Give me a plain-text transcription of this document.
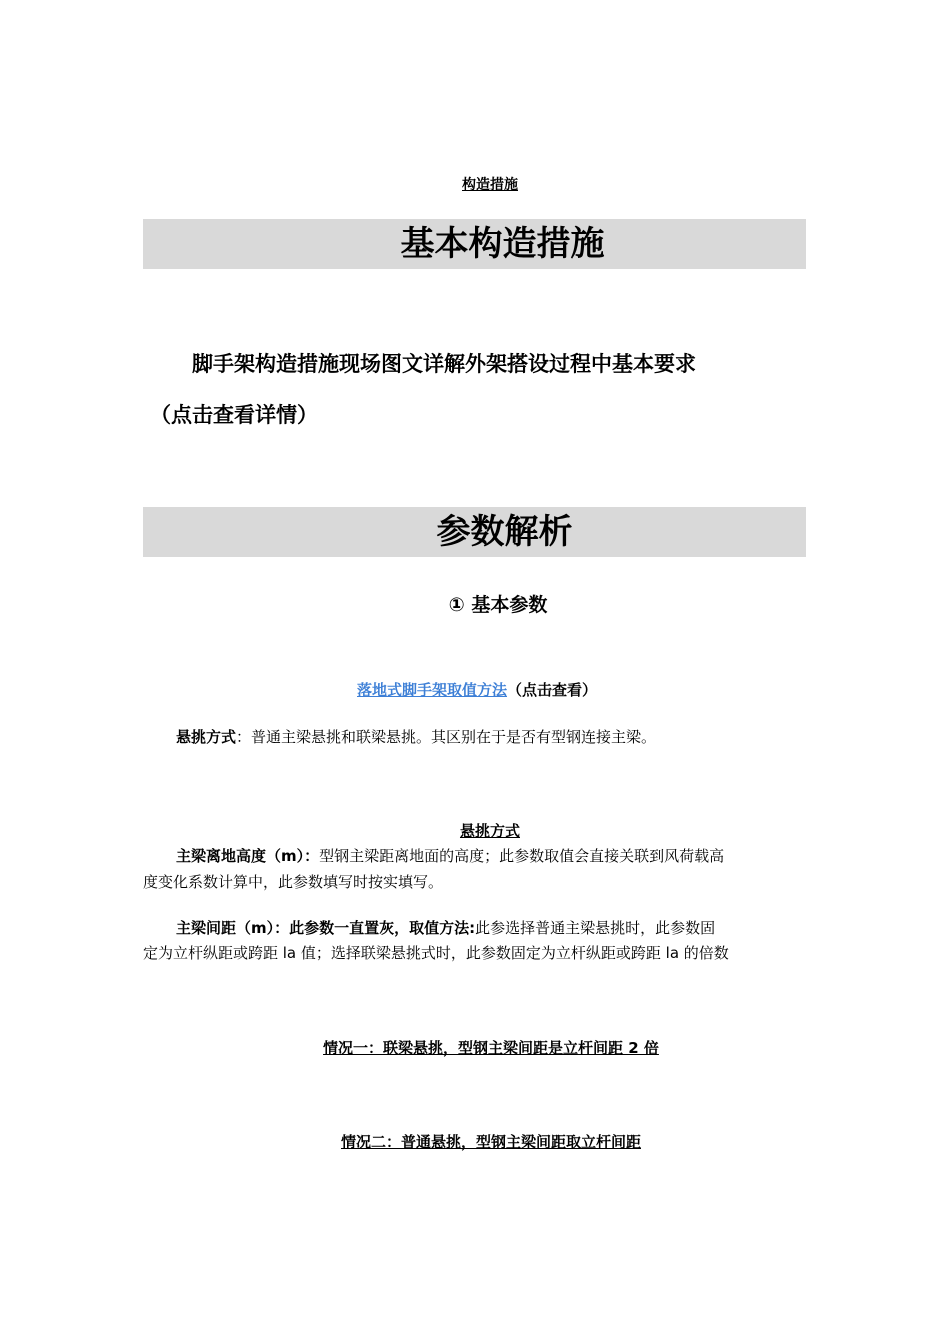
构造措施
基本构造措施
脚手架构造措施现场图文详解外架搭设过程中基本要求
（点击查看详情）
参数解析
① 基本参数
落地式脚手架取值方法（点击查看）
悬挑方式：普通主梁悬挑和联梁悬挑。其区别在于是否有型钢连接主梁。
悬挑方式
主梁离地高度（m）：型钢主梁距离地面的高度；此参数取值会直接关联到风荷载高
度变化系数计算中，此参数填写时按实填写。
主梁间距（m）：此参数一直置灰，取值方法:此参选择普通主梁悬挑时，此参数固
定为立杆纵距或跨距 la 值；选择联梁悬挑式时，此参数固定为立杆纵距或跨距 la 的倍数
情况一：联梁悬挑，型钢主梁间距是立杆间距 2 倍
情况二：普通悬挑，型钢主梁间距取立杆间距
